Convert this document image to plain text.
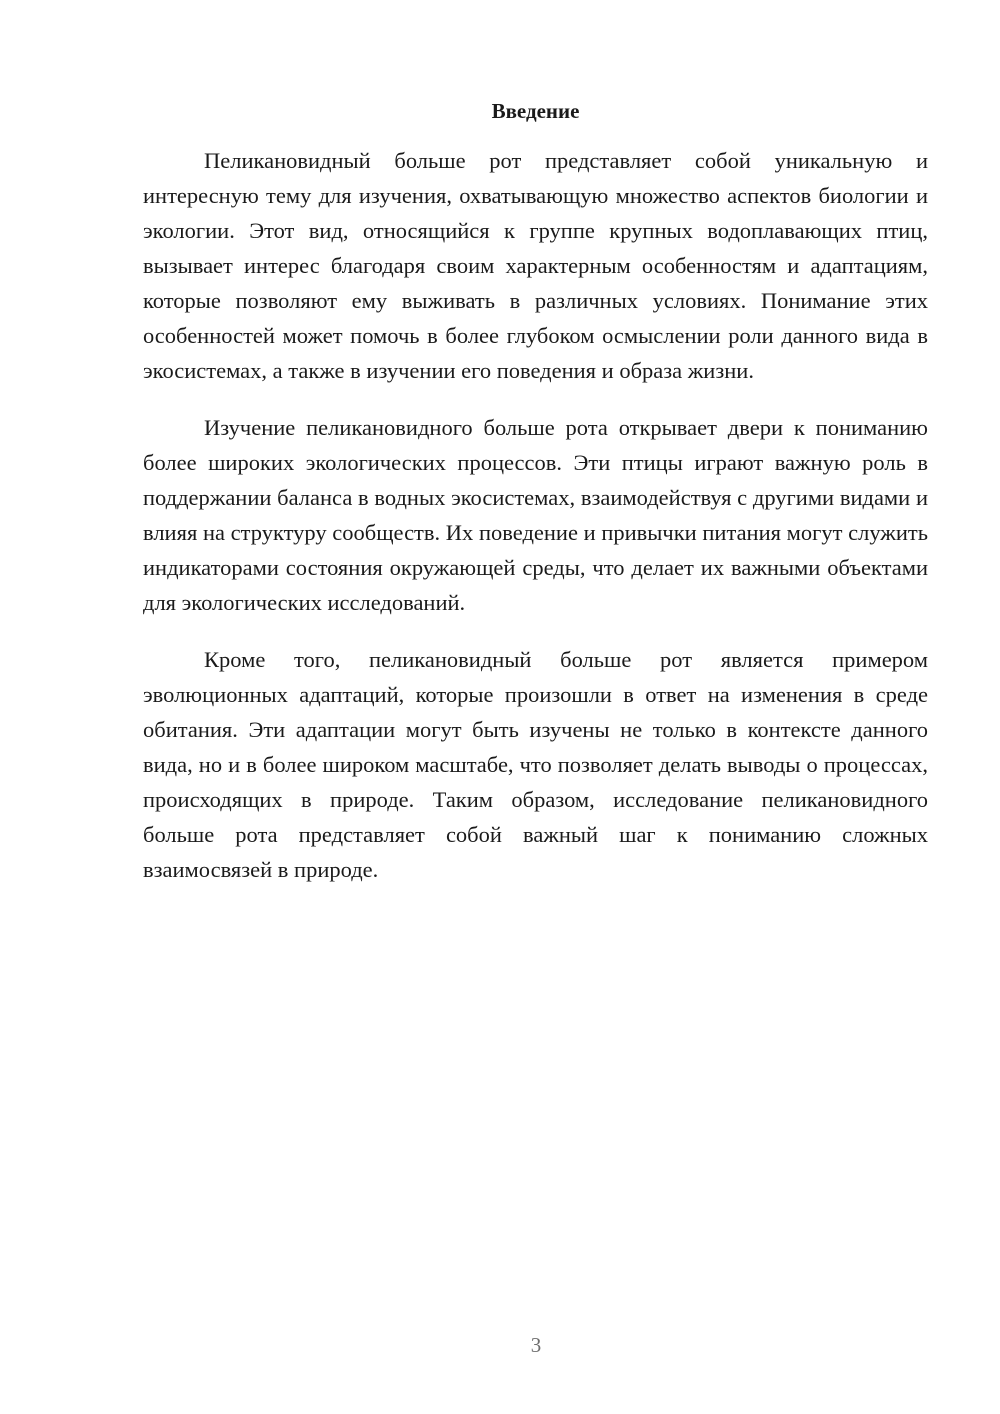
Введение

Пеликановидный больше рот представляет собой уникальную и интересную тему для изучения, охватывающую множество аспектов биологии и экологии. Этот вид, относящийся к группе крупных водоплавающих птиц, вызывает интерес благодаря своим характерным особенностям и адаптациям, которые позволяют ему выживать в различных условиях. Понимание этих особенностей может помочь в более глубоком осмыслении роли данного вида в экосистемах, а также в изучении его поведения и образа жизни.

Изучение пеликановидного больше рота открывает двери к пониманию более широких экологических процессов. Эти птицы играют важную роль в поддержании баланса в водных экосистемах, взаимодействуя с другими видами и влияя на структуру сообществ. Их поведение и привычки питания могут служить индикаторами состояния окружающей среды, что делает их важными объектами для экологических исследований.

Кроме того, пеликановидный больше рот является примером эволюционных адаптаций, которые произошли в ответ на изменения в среде обитания. Эти адаптации могут быть изучены не только в контексте данного вида, но и в более широком масштабе, что позволяет делать выводы о процессах, происходящих в природе. Таким образом, исследование пеликановидного больше рота представляет собой важный шаг к пониманию сложных взаимосвязей в природе.

3
